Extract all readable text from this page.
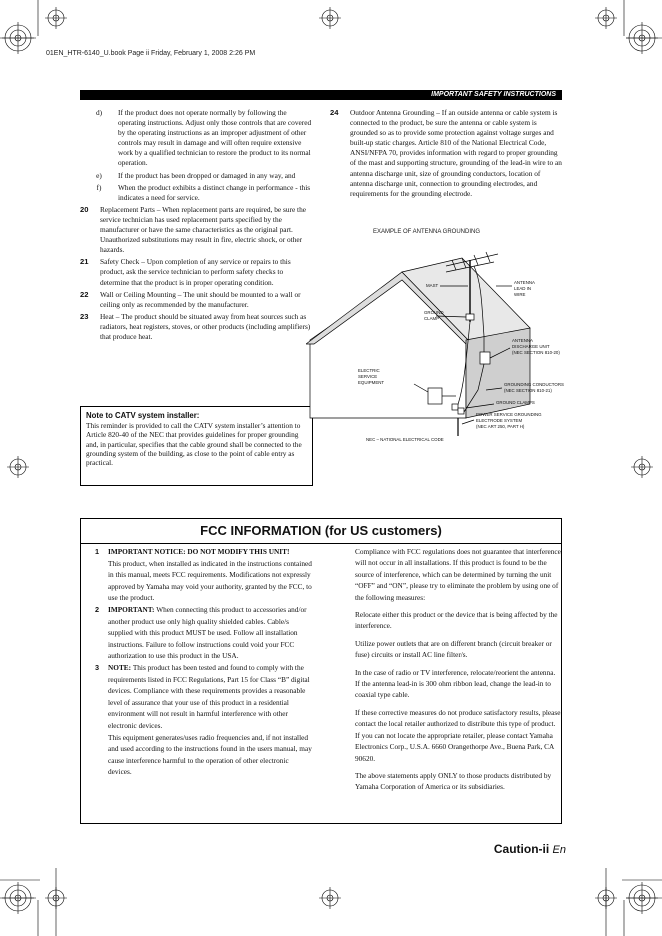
01EN_HTR-6140_U.book Page ii Friday, February 1, 2008 2:26 PM
IMPORTANT SAFETY INSTRUCTIONS
d)	If the product does not operate normally by following the operating instructions. Adjust only those controls that are covered by the operating instructions as an improper adjustment of other controls may result in damage and will often require extensive work by a qualified technician to restore the product to its normal operation.
e)	If the product has been dropped or damaged in any way, and
f)	When the product exhibits a distinct change in performance - this indicates a need for service.
20	Replacement Parts – When replacement parts are required, be sure the service technician has used replacement parts specified by the manufacturer or have the same characteristics as the original part. Unauthorized substitutions may result in fire, electric shock, or other hazards.
21	Safety Check – Upon completion of any service or repairs to this product, ask the service technician to perform safety checks to determine that the product is in proper operating condition.
22	Wall or Ceiling Mounting – The unit should be mounted to a wall or ceiling only as recommended by the manufacturer.
23	Heat – The product should be situated away from heat sources such as radiators, heat registers, stoves, or other products (including amplifiers) that produce heat.
Note to CATV system installer:
This reminder is provided to call the CATV system installer’s attention to Article 820-40 of the NEC that provides guidelines for proper grounding and, in particular, specifies that the cable ground shall be connected to the grounding system of the building, as close to the point of cable entry as practical.
24	Outdoor Antenna Grounding – If an outside antenna or cable system is connected to the product, be sure the antenna or cable system is grounded so as to provide some protection against voltage surges and built-up static charges. Article 810 of the National Electrical Code, ANSI/NFPA 70, provides information with regard to proper grounding of the mast and supporting structure, grounding of the lead-in wire to an antenna discharge unit, size of grounding conductors, location of antenna discharge unit, connection to grounding electrodes, and requirements for the grounding electrode.
EXAMPLE OF ANTENNA GROUNDING
MAST
ANTENNA
LEAD IN
WIRE
GROUND
CLAMP
ANTENNA
DISCHARGE UNIT
(NEC SECTION 810-20)
ELECTRIC
SERVICE
EQUIPMENT	GROUNDING CONDUCTORS
(NEC SECTION 810-21)
GROUND CLAMPS
POWER SERVICE GROUNDING
ELECTRODE SYSTEM
(NEC ART 250, PART H)
NEC – NATIONAL ELECTRICAL CODE
FCC INFORMATION (for US customers)
1	IMPORTANT NOTICE: DO NOT MODIFY THIS UNIT!
This product, when installed as indicated in the instructions contained in this manual, meets FCC requirements. Modifications not expressly approved by Yamaha may void your authority, granted by the FCC, to use the product.
2	IMPORTANT: When connecting this product to accessories and/or another product use only high quality shielded cables. Cable/s supplied with this product MUST be used. Follow all installation instructions. Failure to follow instructions could void your FCC authorization to use this product in the USA.
3	NOTE: This product has been tested and found to comply with the requirements listed in FCC Regulations, Part 15 for Class “B” digital devices. Compliance with these requirements provides a reasonable level of assurance that your use of this product in a residential environment will not result in harmful interference with other electronic devices.
This equipment generates/uses radio frequencies and, if not installed and used according to the instructions found in the users manual, may cause interference harmful to the operation of other electronic devices.

Compliance with FCC regulations does not guarantee that interference will not occur in all installations. If this product is found to be the source of interference, which can be determined by turning the unit “OFF” and “ON”, please try to eliminate the problem by using one of the following measures:

Relocate either this product or the device that is being affected by the interference.

Utilize power outlets that are on different branch (circuit breaker or fuse) circuits or install AC line filter/s.

In the case of radio or TV interference, relocate/reorient the antenna. If the antenna lead-in is 300 ohm ribbon lead, change the lead-in to coaxial type cable.

If these corrective measures do not produce satisfactory results, please contact the local retailer authorized to distribute this type of product. If you can not locate the appropriate retailer, please contact Yamaha Electronics Corp., U.S.A. 6660 Orangethorpe Ave., Buena Park, CA 90620.

The above statements apply ONLY to those products distributed by Yamaha Corporation of America or its subsidiaries.

Caution-ii En
